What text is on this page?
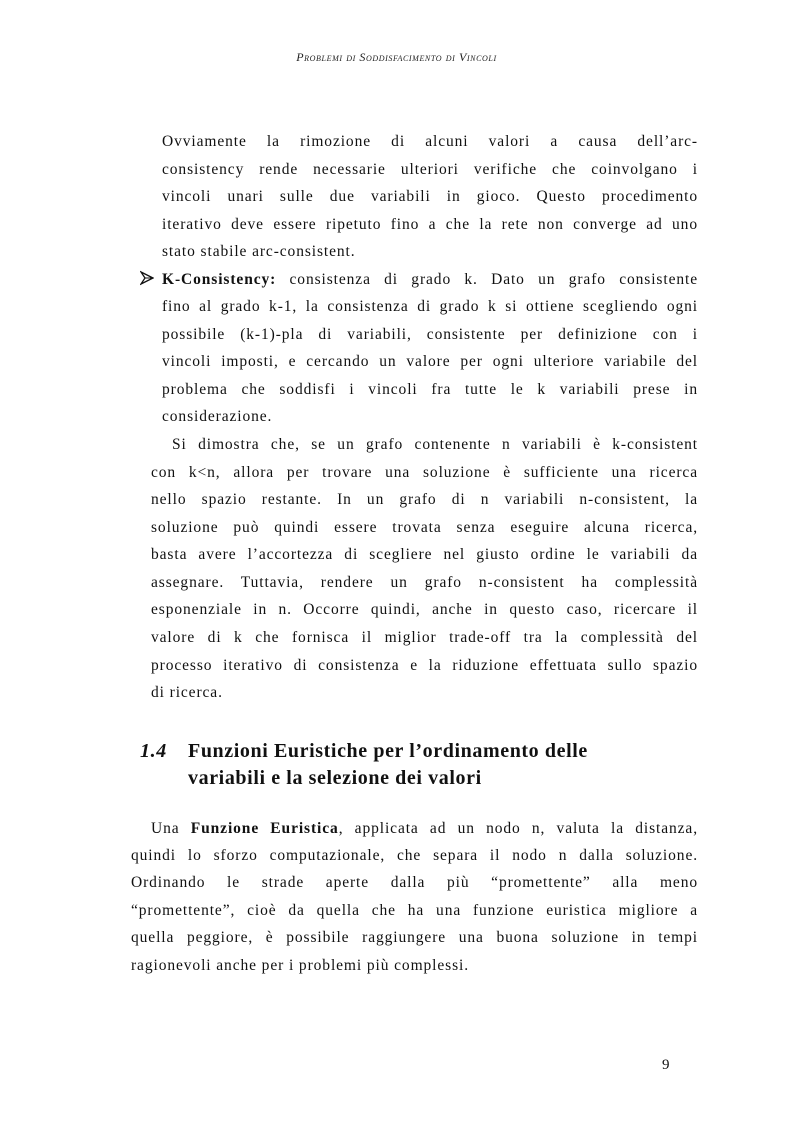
Problemi di Soddisfacimento di Vincoli
Ovviamente la rimozione di alcuni valori a causa dell’arc-
consistency rende necessarie ulteriori verifiche che coinvolgano i
vincoli unari sulle due variabili in gioco. Questo procedimento
iterativo deve essere ripetuto fino a che la rete non converge ad uno
stato stabile arc-consistent.
K-Consistency: consistenza di grado k. Dato un grafo consistente
fino al grado k-1, la consistenza di grado k si ottiene scegliendo ogni
possibile (k-1)-pla di variabili, consistente per definizione con i
vincoli imposti, e cercando un valore per ogni ulteriore variabile del
problema che soddisfi i vincoli fra tutte le k variabili prese in
considerazione.
Si dimostra che, se un grafo contenente n variabili è k-consistent
con k<n, allora per trovare una soluzione è sufficiente una ricerca
nello spazio restante. In un grafo di n variabili n-consistent, la
soluzione può quindi essere trovata senza eseguire alcuna ricerca,
basta avere l’accortezza di scegliere nel giusto ordine le variabili da
assegnare. Tuttavia, rendere un grafo n-consistent ha complessità
esponenziale in n. Occorre quindi, anche in questo caso, ricercare il
valore di k che fornisca il miglior trade-off tra la complessità del
processo iterativo di consistenza e la riduzione effettuata sullo spazio
di ricerca.
1.4 Funzioni Euristiche per l’ordinamento delle
variabili e la selezione dei valori
Una Funzione Euristica, applicata ad un nodo n, valuta la distanza,
quindi lo sforzo computazionale, che separa il nodo n dalla soluzione.
Ordinando le strade aperte dalla più “promettente” alla meno
“promettente”, cioè da quella che ha una funzione euristica migliore a
quella peggiore, è possibile raggiungere una buona soluzione in tempi
ragionevoli anche per i problemi più complessi.
9
